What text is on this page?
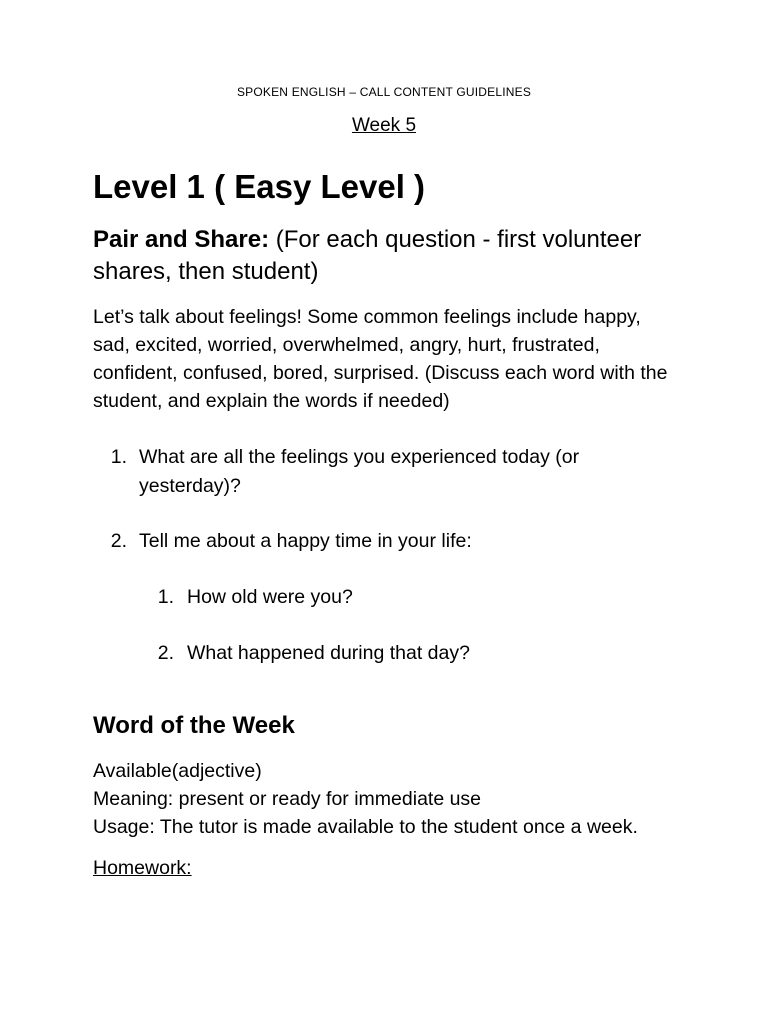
SPOKEN ENGLISH – CALL CONTENT GUIDELINES
Week 5
Level 1 ( Easy Level )
Pair and Share: (For each question - first volunteer shares, then student)
Let’s talk about feelings! Some common feelings include happy, sad, excited, worried, overwhelmed, angry, hurt, frustrated, confident, confused, bored, surprised. (Discuss each word with the student, and explain the words if needed)
1. What are all the feelings you experienced today (or yesterday)?
2. Tell me about a happy time in your life:
1. How old were you?
2. What happened during that day?
Word of the Week
Available(adjective)
Meaning: present or ready for immediate use
Usage: The tutor is made available to the student once a week.
Homework:
